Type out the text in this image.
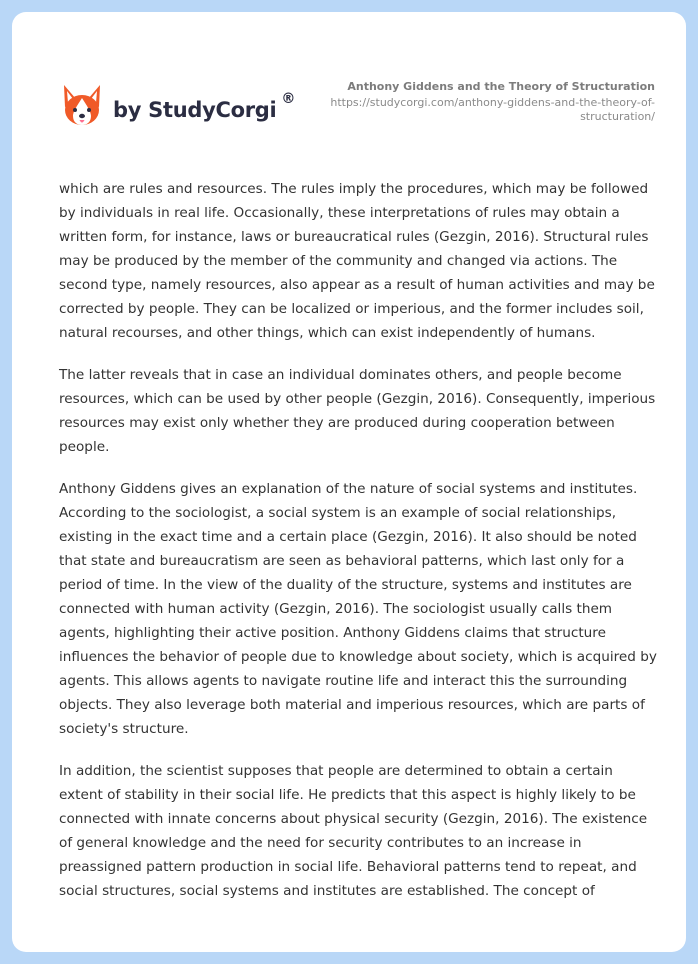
by StudyCorgi ®
Anthony Giddens and the Theory of Structuration
https://studycorgi.com/anthony-giddens-and-the-theory-of-
structuration/

which are rules and resources. The rules imply the procedures, which may be followed by individuals in real life. Occasionally, these interpretations of rules may obtain a written form, for instance, laws or bureaucratical rules (Gezgin, 2016). Structural rules may be produced by the member of the community and changed via actions. The second type, namely resources, also appear as a result of human activities and may be corrected by people. They can be localized or imperious, and the former includes soil, natural recourses, and other things, which can exist independently of humans.

The latter reveals that in case an individual dominates others, and people become resources, which can be used by other people (Gezgin, 2016). Consequently, imperious resources may exist only whether they are produced during cooperation between people.

Anthony Giddens gives an explanation of the nature of social systems and institutes. According to the sociologist, a social system is an example of social relationships, existing in the exact time and a certain place (Gezgin, 2016). It also should be noted that state and bureaucratism are seen as behavioral patterns, which last only for a period of time. In the view of the duality of the structure, systems and institutes are connected with human activity (Gezgin, 2016). The sociologist usually calls them agents, highlighting their active position. Anthony Giddens claims that structure influences the behavior of people due to knowledge about society, which is acquired by agents. This allows agents to navigate routine life and interact this the surrounding objects. They also leverage both material and imperious resources, which are parts of society's structure.

In addition, the scientist supposes that people are determined to obtain a certain extent of stability in their social life. He predicts that this aspect is highly likely to be connected with innate concerns about physical security (Gezgin, 2016). The existence of general knowledge and the need for security contributes to an increase in preassigned pattern production in social life. Behavioral patterns tend to repeat, and social structures, social systems and institutes are established. The concept of
